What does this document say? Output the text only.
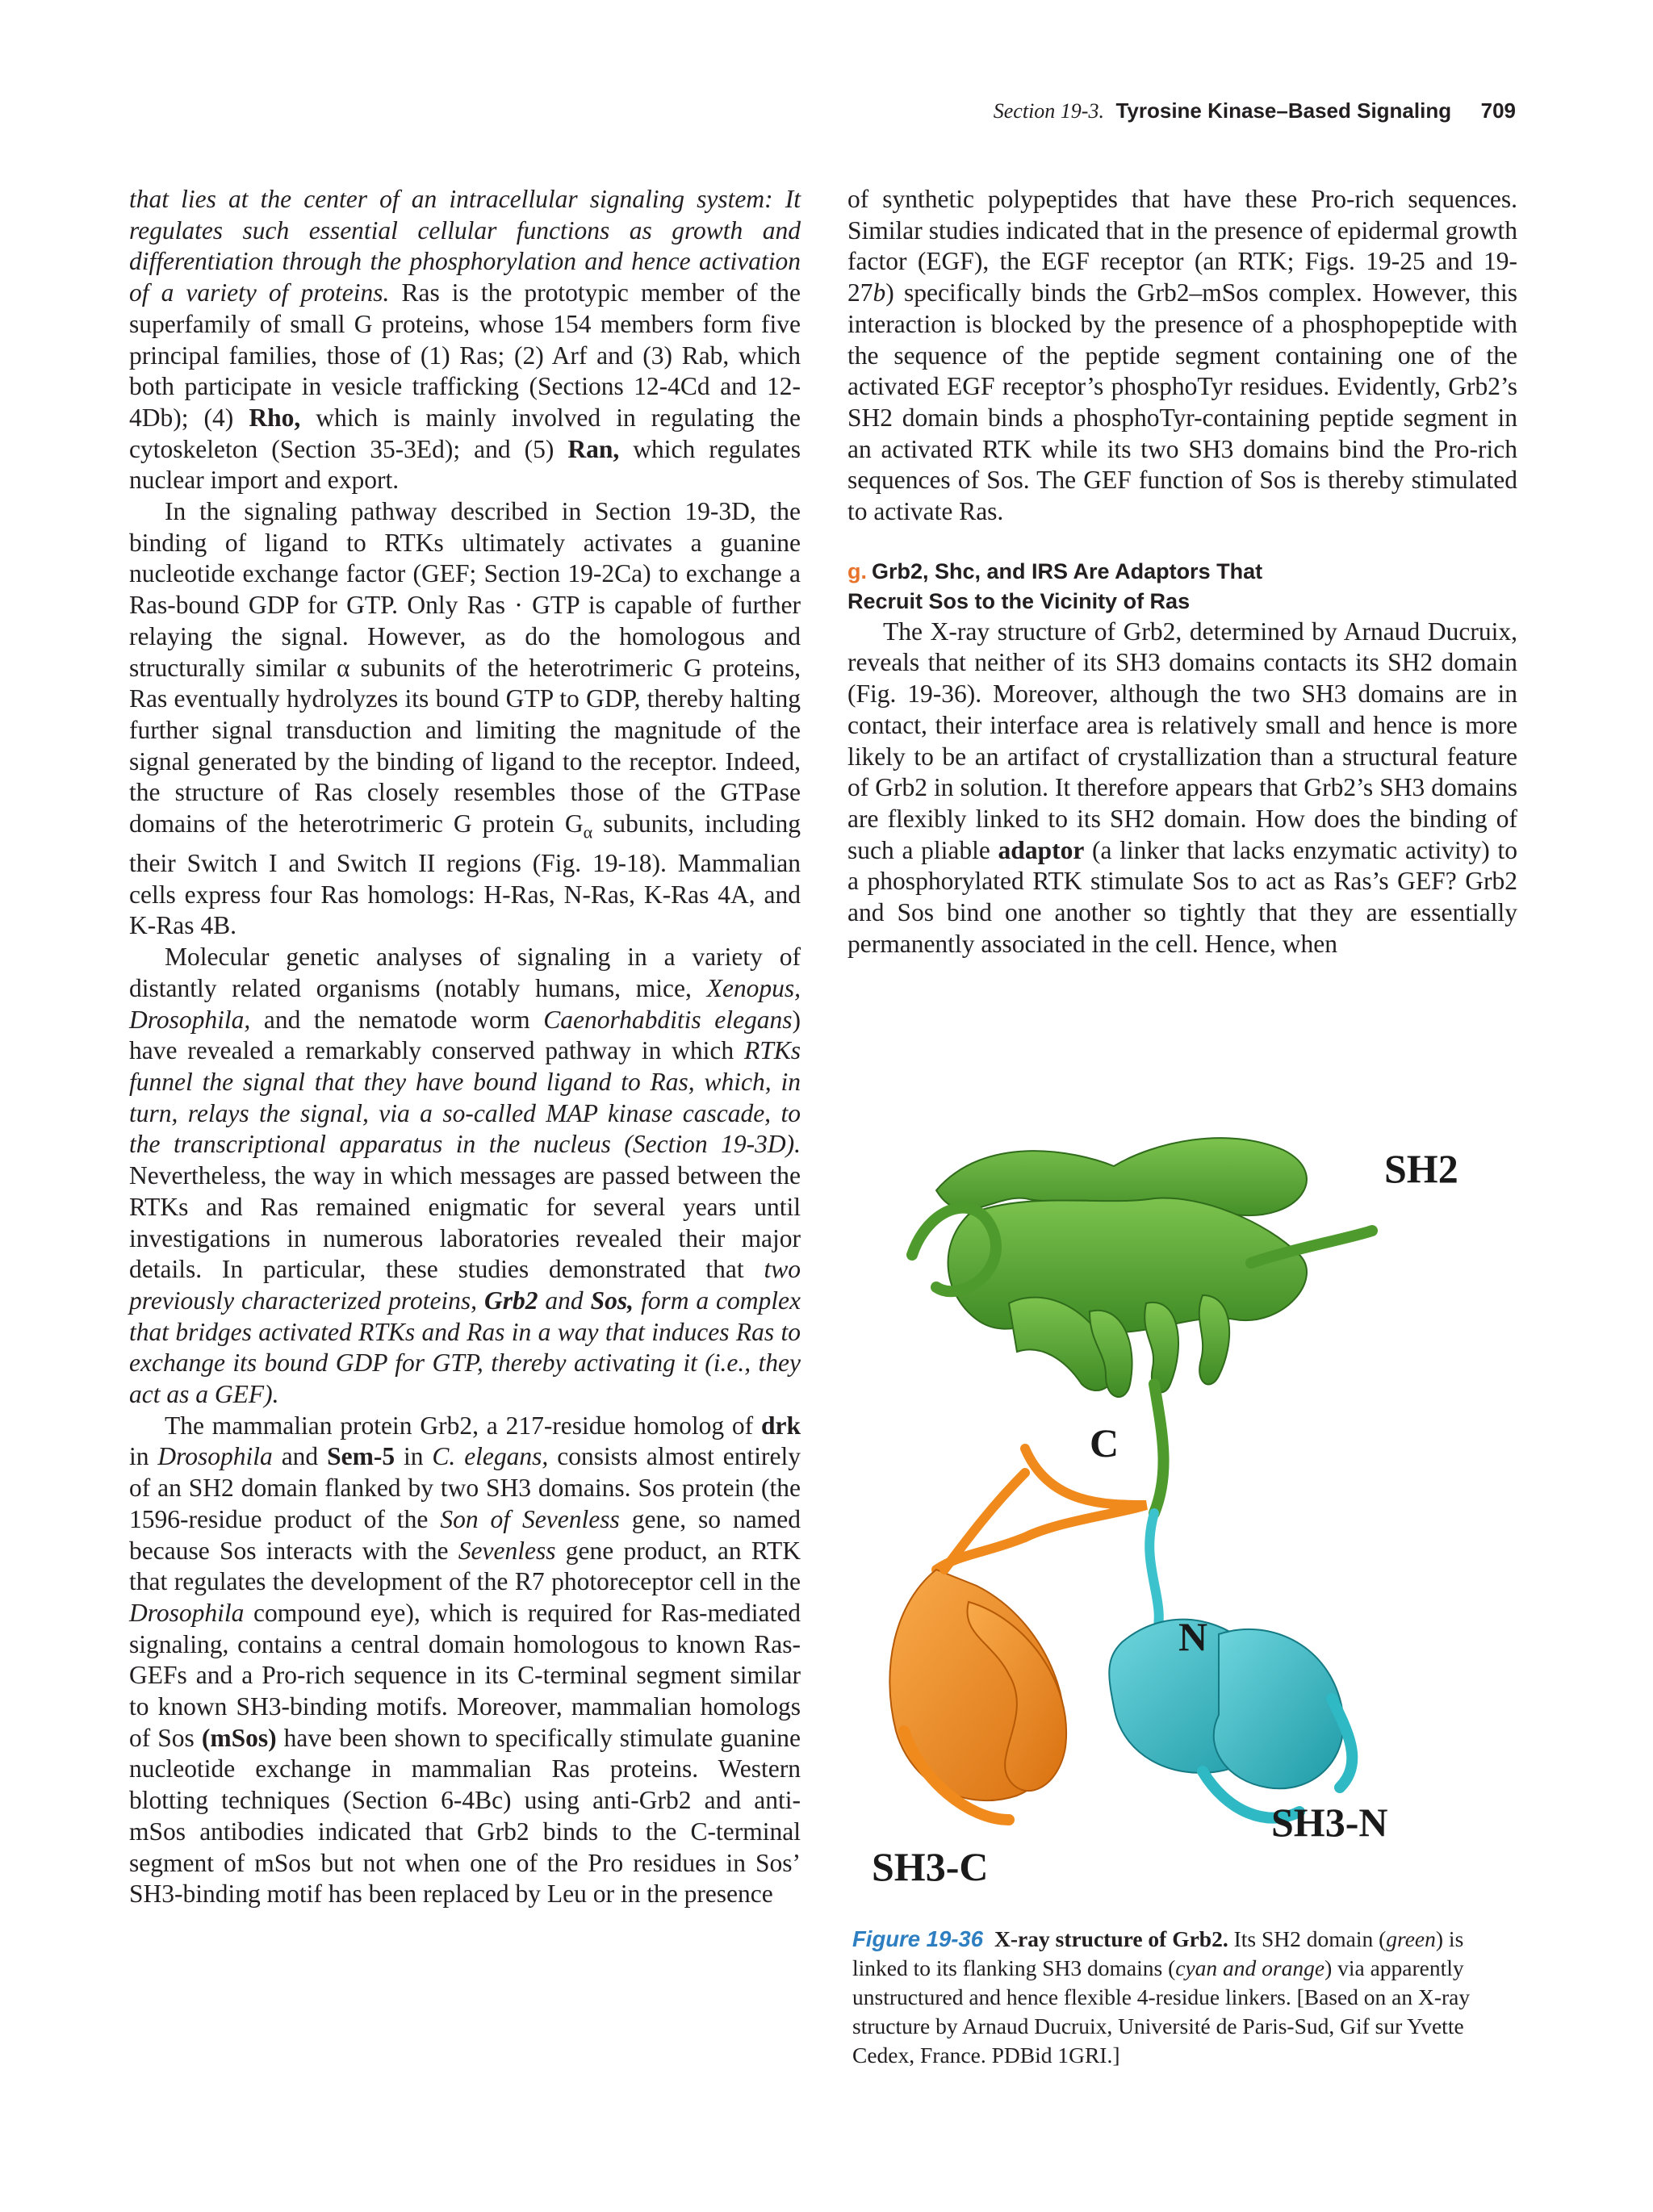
Section 19-3. Tyrosine Kinase–Based Signaling 709

that lies at the center of an intracellular signaling system: It regulates such essential cellular functions as growth and differentiation through the phosphorylation and hence activation of a variety of proteins. Ras is the prototypic member of the superfamily of small G proteins, whose 154 members form five principal families, those of (1) Ras; (2) Arf and (3) Rab, which both participate in vesicle trafficking (Sections 12-4Cd and 12-4Db); (4) Rho, which is mainly involved in regulating the cytoskeleton (Section 35-3Ed); and (5) Ran, which regulates nuclear import and export.

In the signaling pathway described in Section 19-3D, the binding of ligand to RTKs ultimately activates a guanine nucleotide exchange factor (GEF; Section 19-2Ca) to exchange a Ras-bound GDP for GTP. Only Ras · GTP is capable of further relaying the signal. However, as do the homologous and structurally similar α subunits of the heterotrimeric G proteins, Ras eventually hydrolyzes its bound GTP to GDP, thereby halting further signal transduction and limiting the magnitude of the signal generated by the binding of ligand to the receptor. Indeed, the structure of Ras closely resembles those of the GTPase domains of the heterotrimeric G protein $G_\alpha$ subunits, including their Switch I and Switch II regions (Fig. 19-18). Mammalian cells express four Ras homologs: H-Ras, N-Ras, K-Ras 4A, and K-Ras 4B.

Molecular genetic analyses of signaling in a variety of distantly related organisms (notably humans, mice, Xenopus, Drosophila, and the nematode worm Caenorhabditis elegans) have revealed a remarkably conserved pathway in which RTKs funnel the signal that they have bound ligand to Ras, which, in turn, relays the signal, via a so-called MAP kinase cascade, to the transcriptional apparatus in the nucleus (Section 19-3D). Nevertheless, the way in which messages are passed between the RTKs and Ras remained enigmatic for several years until investigations in numerous laboratories revealed their major details. In particular, these studies demonstrated that two previously characterized proteins, Grb2 and Sos, form a complex that bridges activated RTKs and Ras in a way that induces Ras to exchange its bound GDP for GTP, thereby activating it (i.e., they act as a GEF).

The mammalian protein Grb2, a 217-residue homolog of drk in Drosophila and Sem-5 in C. elegans, consists almost entirely of an SH2 domain flanked by two SH3 domains. Sos protein (the 1596-residue product of the Son of Sevenless gene, so named because Sos interacts with the Sevenless gene product, an RTK that regulates the development of the R7 photoreceptor cell in the Drosophila compound eye), which is required for Ras-mediated signaling, contains a central domain homologous to known Ras-GEFs and a Pro-rich sequence in its C-terminal segment similar to known SH3-binding motifs. Moreover, mammalian homologs of Sos (mSos) have been shown to specifically stimulate guanine nucleotide exchange in mammalian Ras proteins. Western blotting techniques (Section 6-4Bc) using anti-Grb2 and anti-mSos antibodies indicated that Grb2 binds to the C-terminal segment of mSos but not when one of the Pro residues in Sos’ SH3-binding motif has been replaced by Leu or in the presence

of synthetic polypeptides that have these Pro-rich sequences. Similar studies indicated that in the presence of epidermal growth factor (EGF), the EGF receptor (an RTK; Figs. 19-25 and 19-27b) specifically binds the Grb2–mSos complex. However, this interaction is blocked by the presence of a phosphopeptide with the sequence of the peptide segment containing one of the activated EGF receptor’s phosphoTyr residues. Evidently, Grb2’s SH2 domain binds a phosphoTyr-containing peptide segment in an activated RTK while its two SH3 domains bind the Pro-rich sequences of Sos. The GEF function of Sos is thereby stimulated to activate Ras.

g. Grb2, Shc, and IRS Are Adaptors That
Recruit Sos to the Vicinity of Ras

The X-ray structure of Grb2, determined by Arnaud Ducruix, reveals that neither of its SH3 domains contacts its SH2 domain (Fig. 19-36). Moreover, although the two SH3 domains are in contact, their interface area is relatively small and hence is more likely to be an artifact of crystallization than a structural feature of Grb2 in solution. It therefore appears that Grb2’s SH3 domains are flexibly linked to its SH2 domain. How does the binding of such a pliable adaptor (a linker that lacks enzymatic activity) to a phosphorylated RTK stimulate Sos to act as Ras’s GEF? Grb2 and Sos bind one another so tightly that they are essentially permanently associated in the cell. Hence, when

SH2
C
N
SH3-N
SH3-C
Figure 19-36 X-ray structure of Grb2. Its SH2 domain (green) is linked to its flanking SH3 domains (cyan and orange) via apparently unstructured and hence flexible 4-residue linkers. [Based on an X-ray structure by Arnaud Ducruix, Université de Paris-Sud, Gif sur Yvette Cedex, France. PDBid 1GRI.]
